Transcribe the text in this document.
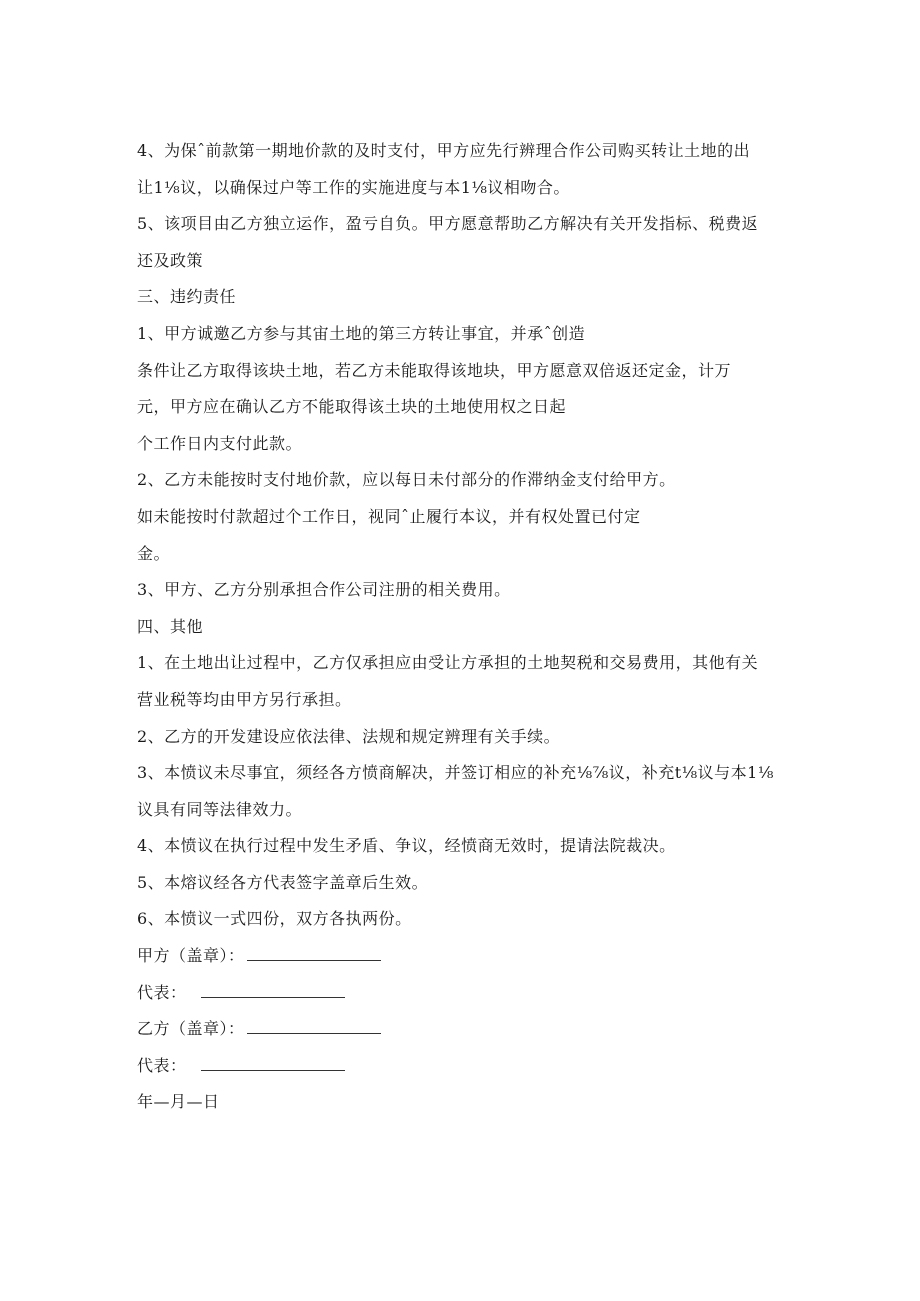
4、为保ˆ前款第一期地价款的及时支付，甲方应先行辨理合作公司购买转让土地的出
让1⅛议，以确保过户等工作的实施进度与本1⅛议相吻合。
5、该项目由乙方独立运作，盈亏自负。甲方愿意帮助乙方解决有关开发指标、税费返
还及政策
三、违约责任
1、甲方诚邀乙方参与其宙土地的第三方转让事宜，并承ˆ创造
条件让乙方取得该块土地，若乙方未能取得该地块，甲方愿意双倍返还定金，计万
元，甲方应在确认乙方不能取得该土块的土地使用权之日起
个工作日内支付此款。
2、乙方未能按时支付地价款，应以每日未付部分的作滞纳金支付给甲方。
如未能按时付款超过个工作日，视同ˆ止履行本议，并有权处置已付定
金。
3、甲方、乙方分别承担合作公司注册的相关费用。
四、其他
1、在土地出让过程中，乙方仅承担应由受让方承担的土地契税和交易费用，其他有关
营业税等均由甲方另行承担。
2、乙方的开发建设应依法律、法规和规定辨理有关手续。
3、本愤议未尽事宜，须经各方愤商解决，并签订相应的补充⅛⅞议，补充t⅛议与本1⅛
议具有同等法律效力。
4、本愤议在执行过程中发生矛盾、争议，经愤商无效时，提请法院裁决。
5、本熔议经各方代表签字盖章后生效。
6、本愤议一式四份，双方各执两份。
甲方（盖章）：
代表：
乙方（盖章）：
代表：
年—月—日
